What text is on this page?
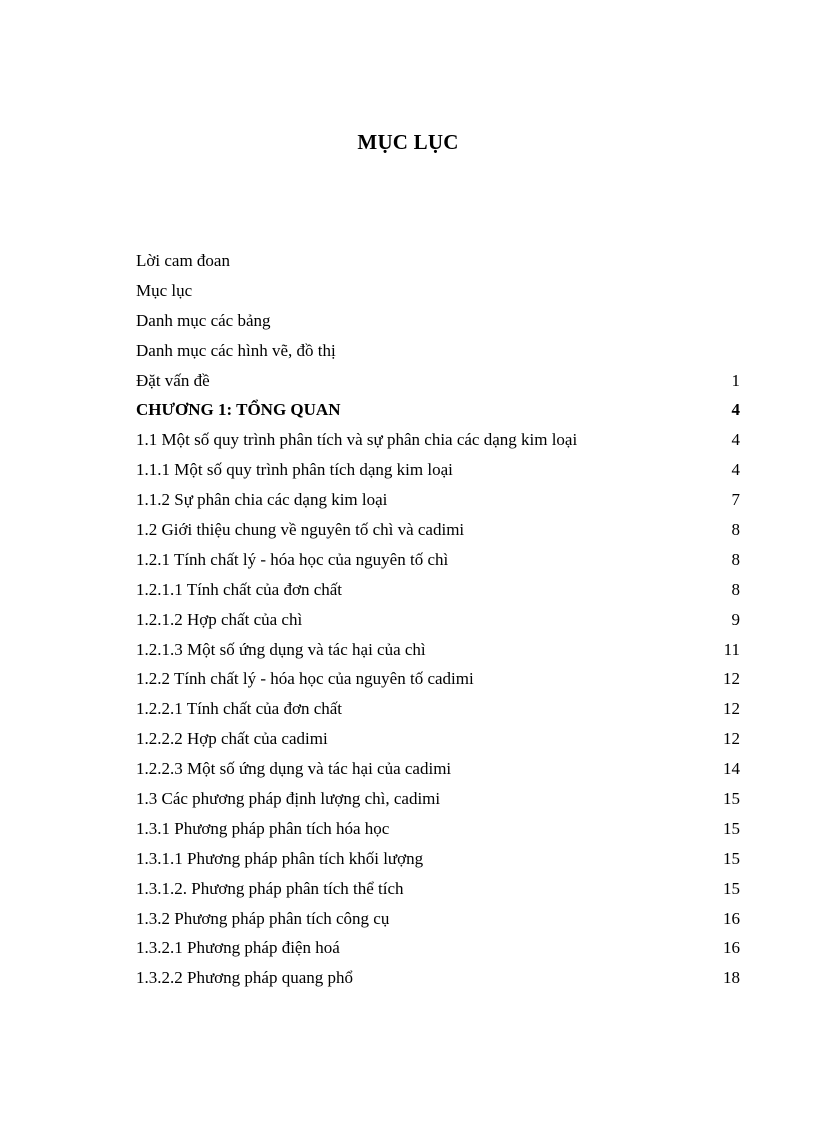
MỤC LỤC
Lời cam đoan
Mục lục
Danh mục các bảng
Danh mục các hình vẽ, đồ thị
Đặt vấn đề	1
CHƯƠNG 1: TỔNG QUAN	4
1.1 Một số quy trình phân tích và sự phân chia các dạng kim loại	4
1.1.1 Một số quy trình phân tích dạng kim loại	4
1.1.2 Sự phân chia các dạng kim loại	7
1.2 Giới thiệu chung về nguyên tố chì và cadimi	8
1.2.1 Tính chất lý - hóa học của nguyên tố chì	8
1.2.1.1 Tính chất của đơn chất	8
1.2.1.2 Hợp chất của chì	9
1.2.1.3 Một số ứng dụng và tác hại của chì	11
1.2.2 Tính chất lý - hóa học của nguyên tố cadimi	12
1.2.2.1 Tính chất của đơn chất	12
1.2.2.2 Hợp chất của cadimi	12
1.2.2.3 Một số ứng dụng và tác hại của cadimi	14
1.3 Các phương pháp định lượng chì, cadimi	15
1.3.1 Phương pháp phân tích hóa học	15
1.3.1.1 Phương pháp phân tích khối lượng	15
1.3.1.2. Phương pháp phân tích thể tích	15
1.3.2 Phương pháp phân tích công cụ	16
1.3.2.1 Phương pháp điện hoá	16
1.3.2.2 Phương pháp quang phổ	18
